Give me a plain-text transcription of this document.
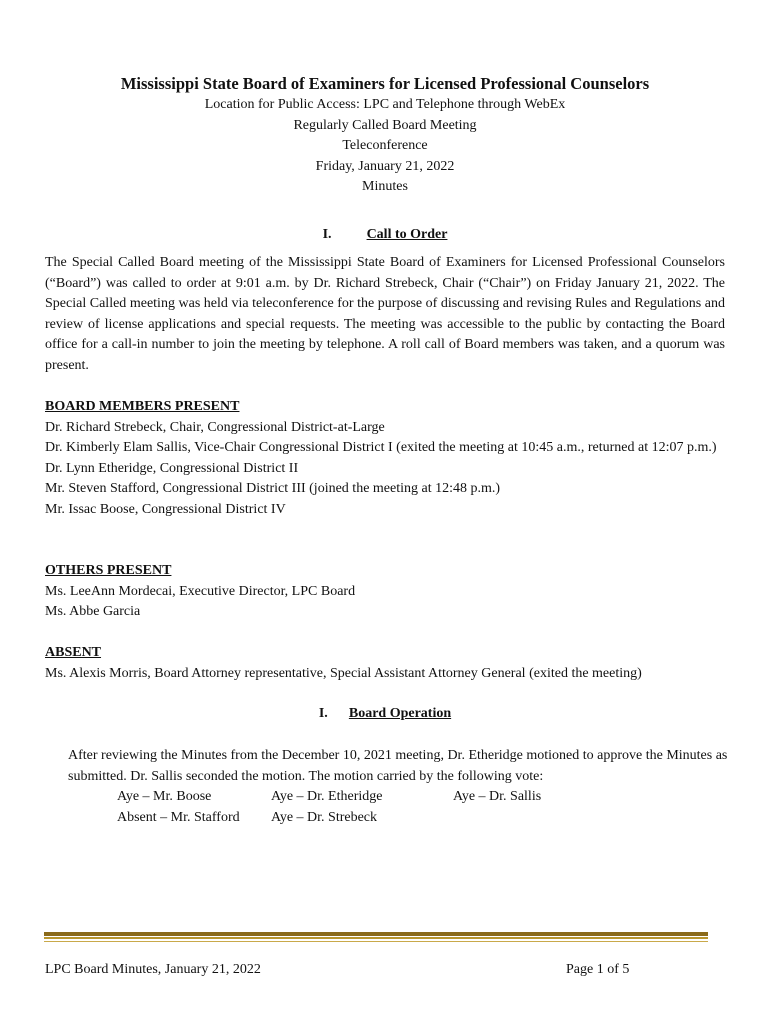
Mississippi State Board of Examiners for Licensed Professional Counselors
Location for Public Access: LPC and Telephone through WebEx
Regularly Called Board Meeting
Teleconference
Friday, January 21, 2022
Minutes
I.	Call to Order
The Special Called Board meeting of the Mississippi State Board of Examiners for Licensed Professional Counselors (“Board”) was called to order at 9:01 a.m. by Dr. Richard Strebeck, Chair (“Chair”) on Friday January 21, 2022. The Special Called meeting was held via teleconference for the purpose of discussing and revising Rules and Regulations and review of license applications and special requests. The meeting was accessible to the public by contacting the Board office for a call-in number to join the meeting by telephone. A roll call of Board members was taken, and a quorum was present.
BOARD MEMBERS PRESENT
Dr. Richard Strebeck, Chair, Congressional District-at-Large
Dr. Kimberly Elam Sallis, Vice-Chair Congressional District I (exited the meeting at 10:45 a.m., returned at 12:07 p.m.)
Dr. Lynn Etheridge, Congressional District II
Mr. Steven Stafford, Congressional District III (joined the meeting at 12:48 p.m.)
Mr. Issac Boose, Congressional District IV
OTHERS PRESENT
Ms. LeeAnn Mordecai, Executive Director, LPC Board
Ms. Abbe Garcia
ABSENT
Ms. Alexis Morris, Board Attorney representative, Special Assistant Attorney General (exited the meeting)
I. Board Operation
After reviewing the Minutes from the December 10, 2021 meeting, Dr. Etheridge motioned to approve the Minutes as submitted. Dr. Sallis seconded the motion. The motion carried by the following vote:
Aye – Mr. Boose	Aye – Dr. Etheridge	Aye – Dr. Sallis
Absent – Mr. Stafford	Aye – Dr. Strebeck
LPC Board Minutes, January 21, 2022	Page 1 of 5
